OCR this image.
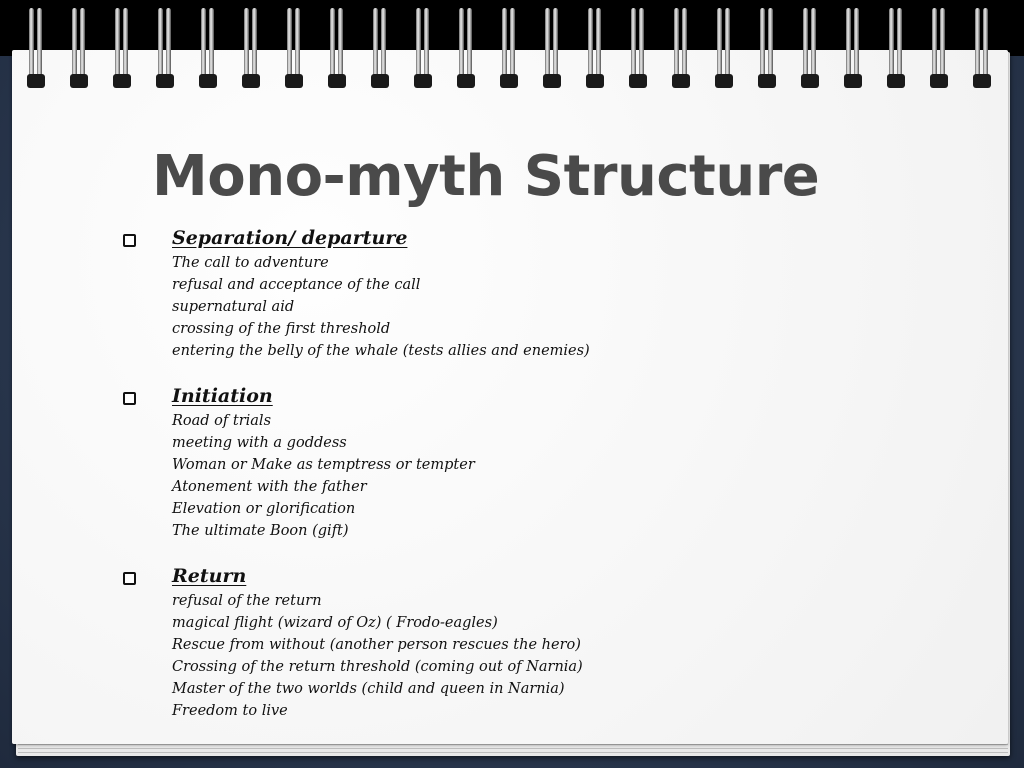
Mono-myth Structure
Separation/ departure
The call to adventure
refusal and acceptance of the call
supernatural aid
crossing of the first threshold
entering the belly of the whale (tests allies and enemies)
Initiation
Road of trials
meeting with a goddess
Woman or Make as temptress or tempter
Atonement with the father
Elevation or glorification
The ultimate Boon (gift)
Return
refusal of the return
magical flight (wizard of Oz) ( Frodo-eagles)
Rescue from without (another person rescues the hero)
Crossing of the return threshold (coming out of Narnia)
Master of the two worlds (child and queen in Narnia)
Freedom to live
